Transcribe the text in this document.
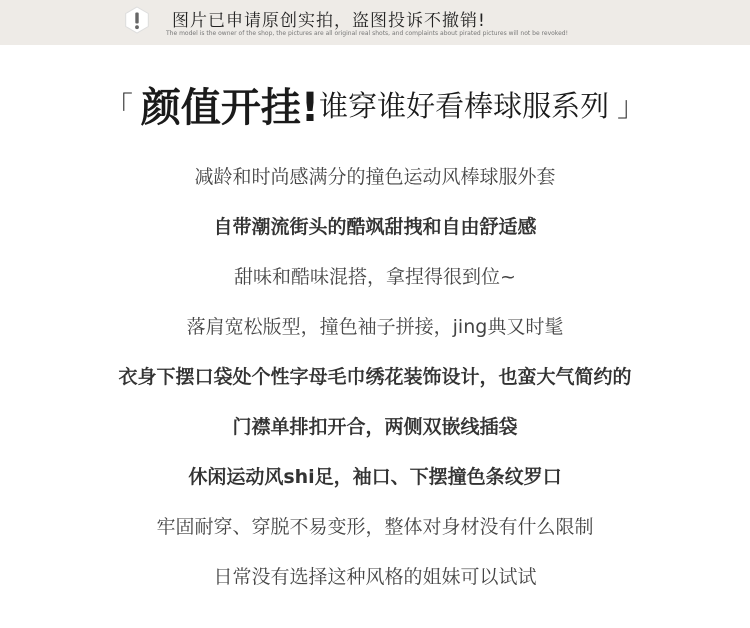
图片已申请原创实拍，盗图投诉不撤销!
The model is the owner of the shop, the pictures are all original real shots, and complaints about pirated pictures will not be revoked!
「 颜值开挂!谁穿谁好看棒球服系列 」
减龄和时尚感满分的撞色运动风棒球服外套
自带潮流街头的酷飒甜拽和自由舒适感
甜味和酷味混搭，拿捏得很到位~
落肩宽松版型，撞色袖子拼接，jing典又时髦
衣身下摆口袋处个性字母毛巾绣花装饰设计，也蛮大气简约的
门襟单排扣开合，两侧双嵌线插袋
休闲运动风shi足，袖口、下摆撞色条纹罗口
牢固耐穿、穿脱不易变形，整体对身材没有什么限制
日常没有选择这种风格的姐妹可以试试
